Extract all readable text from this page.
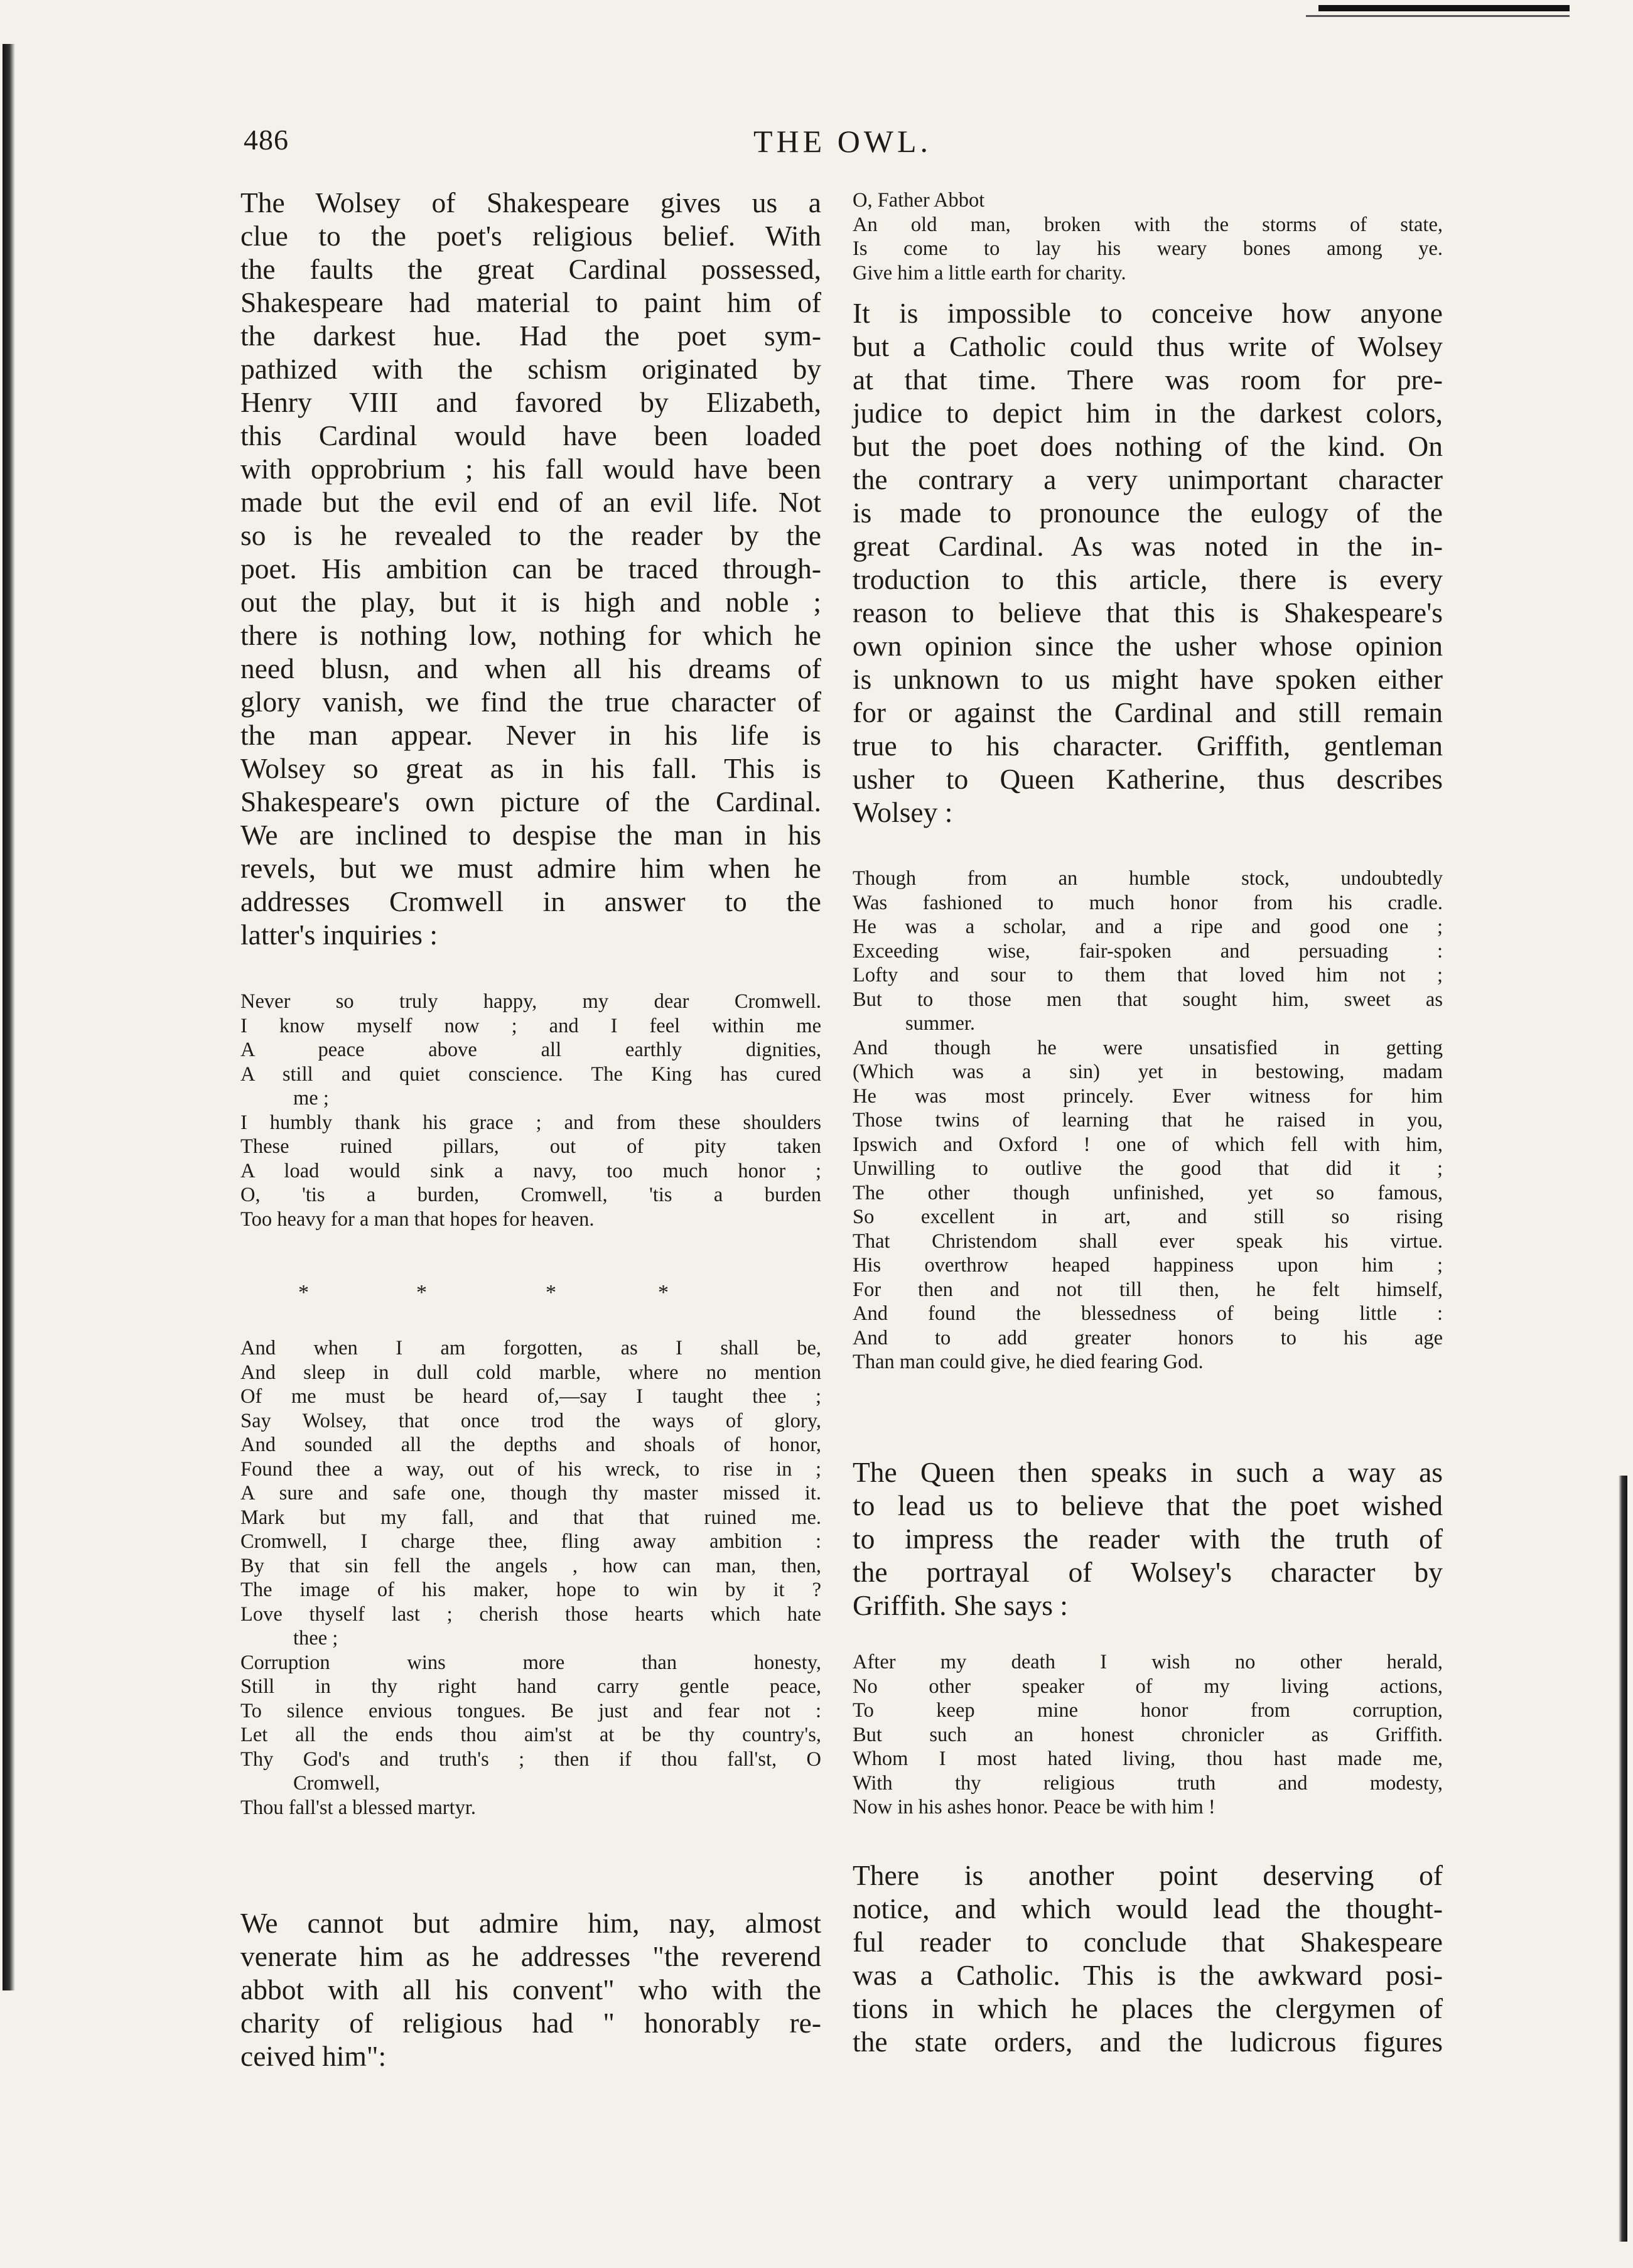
486	THE OWL.
The Wolsey of Shakespeare gives us a
clue to the poet's religious belief. With
the faults the great Cardinal possessed,
Shakespeare had material to paint him of
the darkest hue. Had the poet sym-
pathized with the schism originated by
Henry VIII and favored by Elizabeth,
this Cardinal would have been loaded
with opprobrium ; his fall would have been
made but the evil end of an evil life. Not
so is he revealed to the reader by the
poet. His ambition can be traced through-
out the play, but it is high and noble ;
there is nothing low, nothing for which he
need blusn, and when all his dreams of
glory vanish, we find the true character of
the man appear. Never in his life is
Wolsey so great as in his fall. This is
Shakespeare's own picture of the Cardinal.
We are inclined to despise the man in his
revels, but we must admire him when he
addresses Cromwell in answer to the
latter's inquiries :
Never so truly happy, my dear Cromwell.
I know myself now ; and I feel within me
A peace above all earthly dignities,
A still and quiet conscience. The King has cured
me ;
I humbly thank his grace ; and from these shoulders
These ruined pillars, out of pity taken
A load would sink a navy, too much honor ;
O, 'tis a burden, Cromwell, 'tis a burden
Too heavy for a man that hopes for heaven.
*	*	*	*
And when I am forgotten, as I shall be,
And sleep in dull cold marble, where no mention
Of me must be heard of,—say I taught thee ;
Say Wolsey, that once trod the ways of glory,
And sounded all the depths and shoals of honor,
Found thee a way, out of his wreck, to rise in ;
A sure and safe one, though thy master missed it.
Mark but my fall, and that that ruined me.
Cromwell, I charge thee, fling away ambition :
By that sin fell the angels , how can man, then,
The image of his maker, hope to win by it ?
Love thyself last ; cherish those hearts which hate
thee ;
Corruption wins more than honesty,
Still in thy right hand carry gentle peace,
To silence envious tongues. Be just and fear not :
Let all the ends thou aim'st at be thy country's,
Thy God's and truth's ; then if thou fall'st, O
Cromwell,
Thou fall'st a blessed martyr.
We cannot but admire him, nay, almost
venerate him as he addresses "the reverend
abbot with all his convent" who with the
charity of religious had " honorably re-
ceived him":
O, Father Abbot
An old man, broken with the storms of state,
Is come to lay his weary bones among ye.
Give him a little earth for charity.
It is impossible to conceive how anyone
but a Catholic could thus write of Wolsey
at that time. There was room for pre-
judice to depict him in the darkest colors,
but the poet does nothing of the kind. On
the contrary a very unimportant character
is made to pronounce the eulogy of the
great Cardinal. As was noted in the in-
troduction to this article, there is every
reason to believe that this is Shakespeare's
own opinion since the usher whose opinion
is unknown to us might have spoken either
for or against the Cardinal and still remain
true to his character. Griffith, gentleman
usher to Queen Katherine, thus describes
Wolsey :
Though from an humble stock, undoubtedly
Was fashioned to much honor from his cradle.
He was a scholar, and a ripe and good one ;
Exceeding wise, fair-spoken and persuading :
Lofty and sour to them that loved him not ;
But to those men that sought him, sweet as
summer.
And though he were unsatisfied in getting
(Which was a sin) yet in bestowing, madam
He was most princely. Ever witness for him
Those twins of learning that he raised in you,
Ipswich and Oxford ! one of which fell with him,
Unwilling to outlive the good that did it ;
The other though unfinished, yet so famous,
So excellent in art, and still so rising
That Christendom shall ever speak his virtue.
His overthrow heaped happiness upon him ;
For then and not till then, he felt himself,
And found the blessedness of being little :
And to add greater honors to his age
Than man could give, he died fearing God.
The Queen then speaks in such a way as
to lead us to believe that the poet wished
to impress the reader with the truth of
the portrayal of Wolsey's character by
Griffith. She says :
After my death I wish no other herald,
No other speaker of my living actions,
To keep mine honor from corruption,
But such an honest chronicler as Griffith.
Whom I most hated living, thou hast made me,
With thy religious truth and modesty,
Now in his ashes honor. Peace be with him !
There is another point deserving of
notice, and which would lead the thought-
ful reader to conclude that Shakespeare
was a Catholic. This is the awkward posi-
tions in which he places the clergymen of
the state orders, and the ludicrous figures
